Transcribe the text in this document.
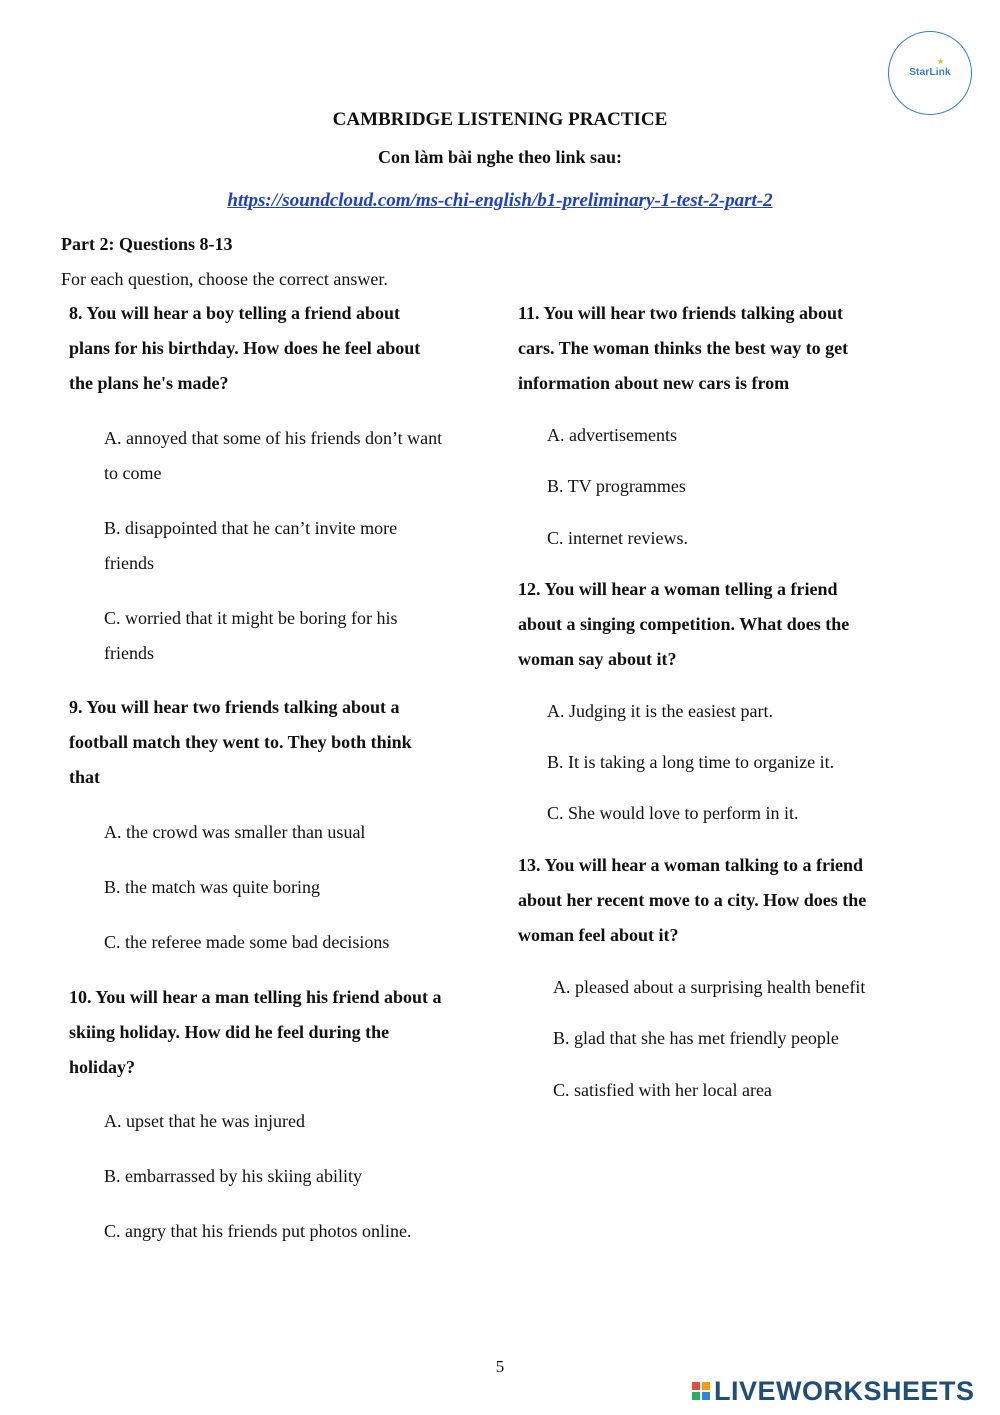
★
StarLink
CAMBRIDGE LISTENING PRACTICE
Con làm bài nghe theo link sau:
https://soundcloud.com/ms-chi-english/b1-preliminary-1-test-2-part-2
Part 2: Questions 8-13
For each question, choose the correct answer.
8. You will hear a boy telling a friend about
plans for his birthday. How does he feel about
the plans he's made?
A. annoyed that some of his friends don’t want
to come
B. disappointed that he can’t invite more
friends
C. worried that it might be boring for his
friends
9. You will hear two friends talking about a
football match they went to. They both think
that
A. the crowd was smaller than usual
B. the match was quite boring
C. the referee made some bad decisions
10. You will hear a man telling his friend about a
skiing holiday. How did he feel during the
holiday?
A. upset that he was injured
B. embarrassed by his skiing ability
C. angry that his friends put photos online.
11. You will hear two friends talking about
cars. The woman thinks the best way to get
information about new cars is from
A. advertisements
B. TV programmes
C. internet reviews.
12. You will hear a woman telling a friend
about a singing competition. What does the
woman say about it?
A. Judging it is the easiest part.
B. It is taking a long time to organize it.
C. She would love to perform in it.
13. You will hear a woman talking to a friend
about her recent move to a city. How does the
woman feel about it?
A. pleased about a surprising health benefit
B. glad that she has met friendly people
C. satisfied with her local area
5
LIVEWORKSHEETS
